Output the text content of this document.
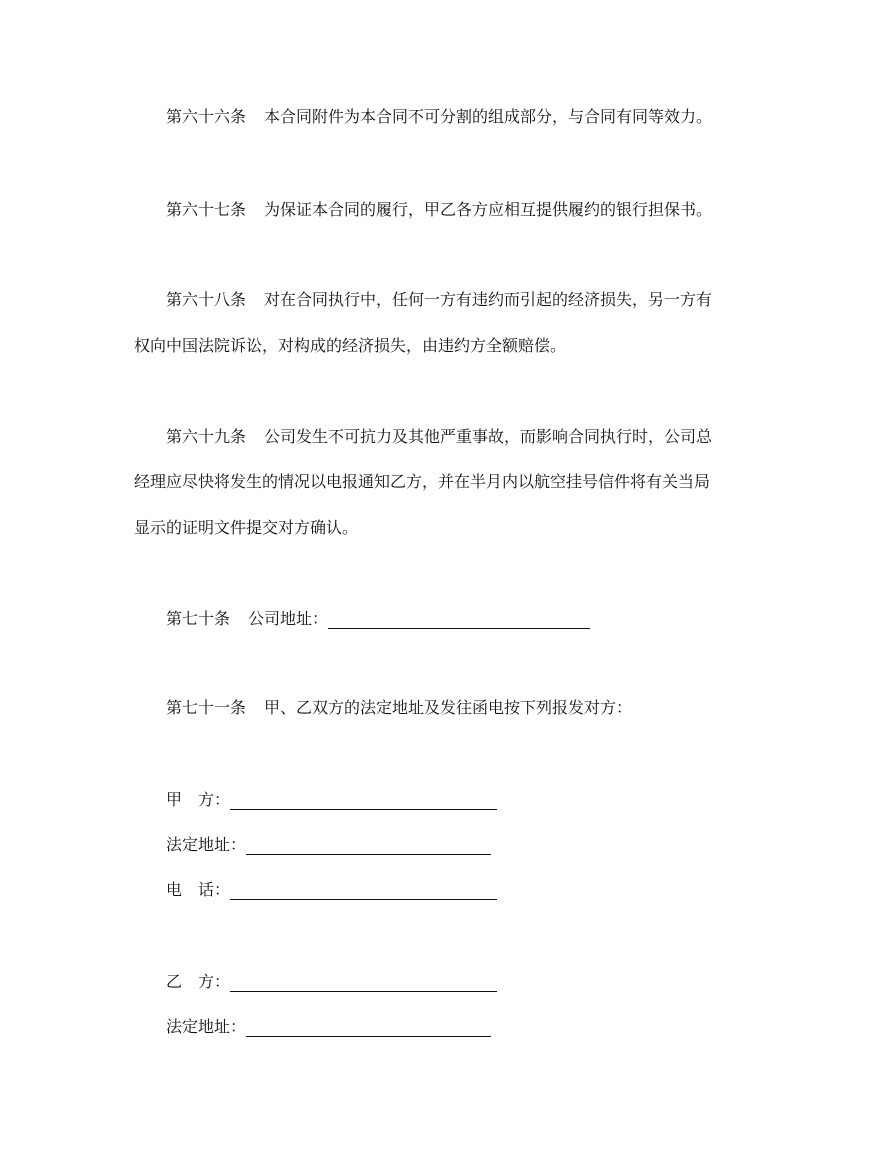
第六十六条 本合同附件为本合同不可分割的组成部分，与合同有同等效力。
第六十七条 为保证本合同的履行，甲乙各方应相互提供履约的银行担保书。
第六十八条 对在合同执行中，任何一方有违约而引起的经济损失，另一方有
权向中国法院诉讼，对构成的经济损失，由违约方全额赔偿。
第六十九条 公司发生不可抗力及其他严重事故，而影响合同执行时，公司总
经理应尽快将发生的情况以电报通知乙方，并在半月内以航空挂号信件将有关当局
显示的证明文件提交对方确认。
第七十条 公司地址：
第七十一条 甲、乙双方的法定地址及发往函电按下列报发对方：
甲　方：
法定地址：
电　话：
乙　方：
法定地址：
